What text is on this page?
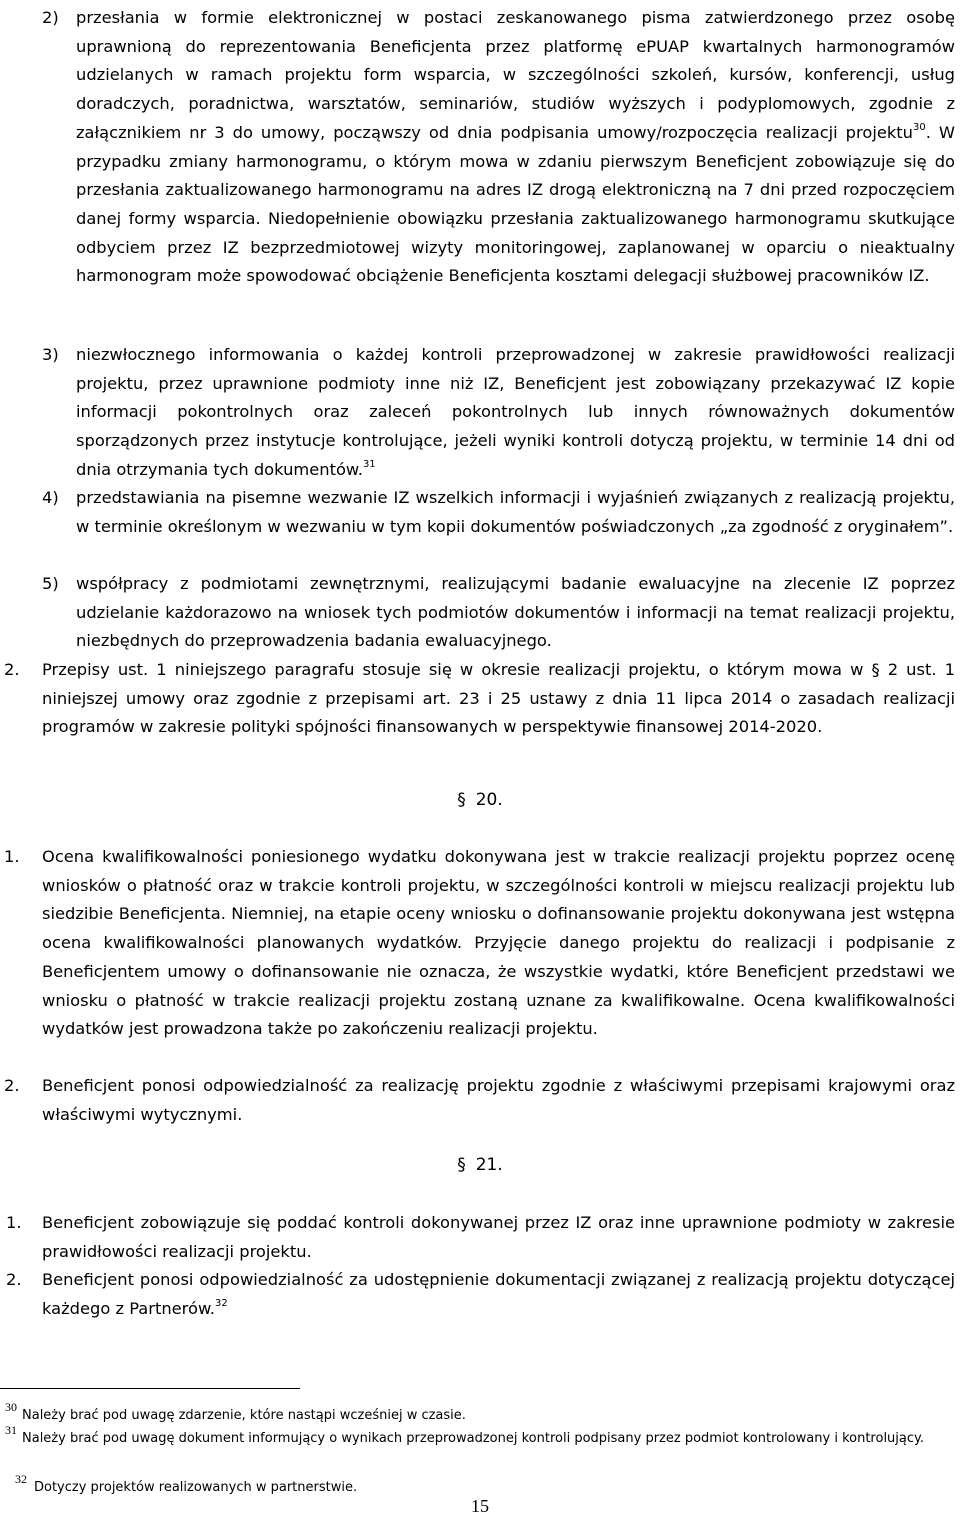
2) przesłania w formie elektronicznej w postaci zeskanowanego pisma zatwierdzonego przez osobę uprawnioną do reprezentowania Beneficjenta przez platformę ePUAP kwartalnych harmonogramów udzielanych w ramach projektu form wsparcia, w szczególności szkoleń, kursów, konferencji, usług doradczych, poradnictwa, warsztatów, seminariów, studiów wyższych i podyplomowych, zgodnie z załącznikiem nr 3 do umowy, począwszy od dnia podpisania umowy/rozpoczęcia realizacji projektu$^{30}$. W przypadku zmiany harmonogramu, o którym mowa w zdaniu pierwszym Beneficjent zobowiązuje się do przesłania zaktualizowanego harmonogramu na adres IZ drogą elektroniczną na 7 dni przed rozpoczęciem danej formy wsparcia. Niedopełnienie obowiązku przesłania zaktualizowanego harmonogramu skutkujące odbyciem przez IZ bezprzedmiotowej wizyty monitoringowej, zaplanowanej w oparciu o nieaktualny harmonogram może spowodować obciążenie Beneficjenta kosztami delegacji służbowej pracowników IZ.

3) niezwłocznego informowania o każdej kontroli przeprowadzonej w zakresie prawidłowości realizacji projektu, przez uprawnione podmioty inne niż IZ, Beneficjent jest zobowiązany przekazywać IZ kopie informacji pokontrolnych oraz zaleceń pokontrolnych lub innych równoważnych dokumentów sporządzonych przez instytucje kontrolujące, jeżeli wyniki kontroli dotyczą projektu, w terminie 14 dni od dnia otrzymania tych dokumentów.$^{31}$

4) przedstawiania na pisemne wezwanie IZ wszelkich informacji i wyjaśnień związanych z realizacją projektu, w terminie określonym w wezwaniu w tym kopii dokumentów poświadczonych „za zgodność z oryginałem”.

5) współpracy z podmiotami zewnętrznymi, realizującymi badanie ewaluacyjne na zlecenie IZ poprzez udzielanie każdorazowo na wniosek tych podmiotów dokumentów i informacji na temat realizacji projektu, niezbędnych do przeprowadzenia badania ewaluacyjnego.

2. Przepisy ust. 1 niniejszego paragrafu stosuje się w okresie realizacji projektu, o którym mowa w § 2 ust. 1 niniejszej umowy oraz zgodnie z przepisami art. 23 i 25 ustawy z dnia 11 lipca 2014 o zasadach realizacji programów w zakresie polityki spójności finansowanych w perspektywie finansowej 2014-2020.

§ 20.
1. Ocena kwalifikowalności poniesionego wydatku dokonywana jest w trakcie realizacji projektu poprzez ocenę wniosków o płatność oraz w trakcie kontroli projektu, w szczególności kontroli w miejscu realizacji projektu lub siedzibie Beneficjenta. Niemniej, na etapie oceny wniosku o dofinansowanie projektu dokonywana jest wstępna ocena kwalifikowalności planowanych wydatków. Przyjęcie danego projektu do realizacji i podpisanie z Beneficjentem umowy o dofinansowanie nie oznacza, że wszystkie wydatki, które Beneficjent przedstawi we wniosku o płatność w trakcie realizacji projektu zostaną uznane za kwalifikowalne. Ocena kwalifikowalności wydatków jest prowadzona także po zakończeniu realizacji projektu.

2. Beneficjent ponosi odpowiedzialność za realizację projektu zgodnie z właściwymi przepisami krajowymi oraz właściwymi wytycznymi.

§ 21.
1. Beneficjent zobowiązuje się poddać kontroli dokonywanej przez IZ oraz inne uprawnione podmioty w zakresie prawidłowości realizacji projektu.

2. Beneficjent ponosi odpowiedzialność za udostępnienie dokumentacji związanej z realizacją projektu dotyczącej każdego z Partnerów.$^{32}$

30
Należy brać pod uwagę zdarzenie, które nastąpi wcześniej w czasie.
31
Należy brać pod uwagę dokument informujący o wynikach przeprowadzonej kontroli podpisany przez podmiot kontrolowany i kontrolujący.
32
Dotyczy projektów realizowanych w partnerstwie.
15
